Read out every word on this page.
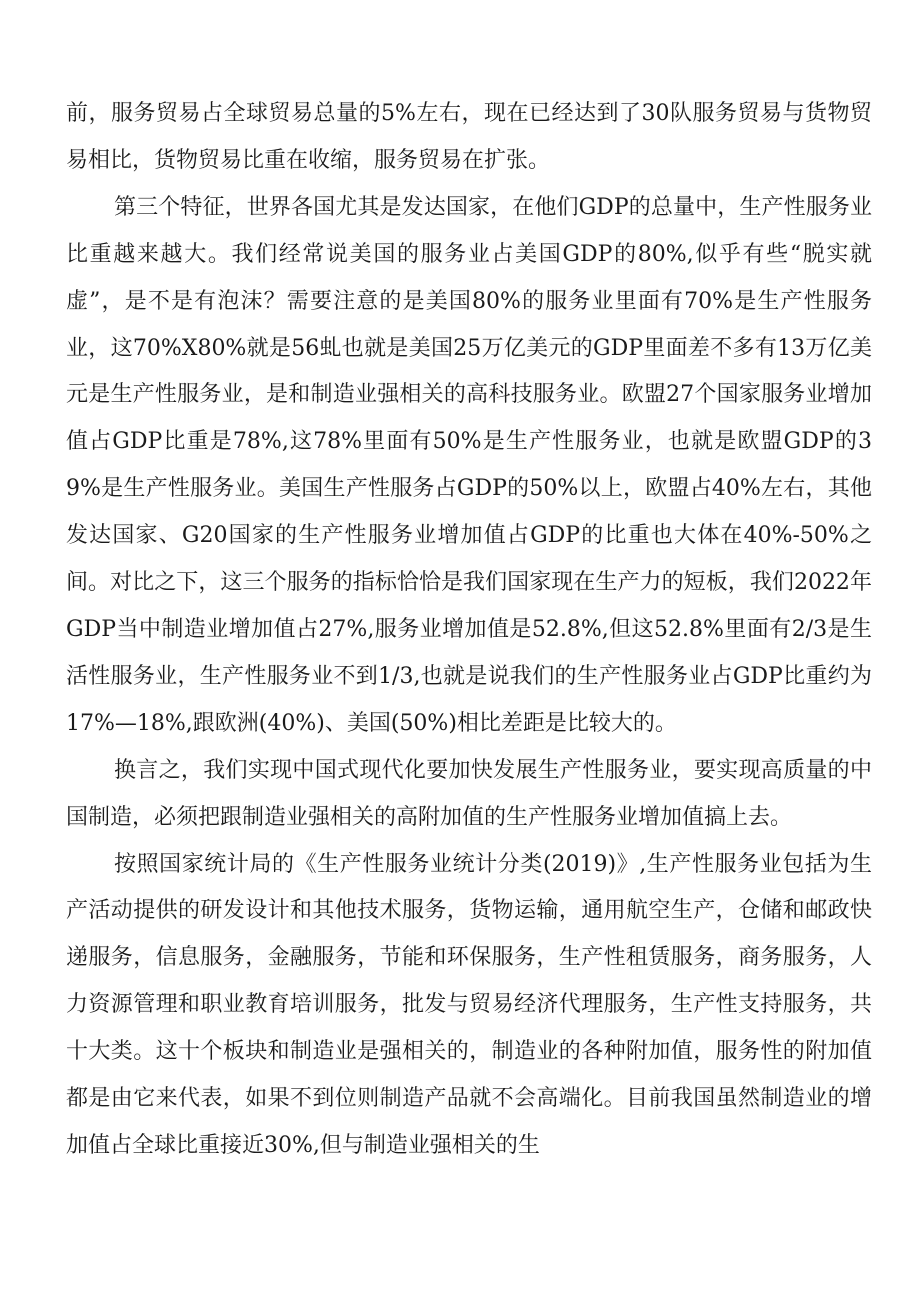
前，服务贸易占全球贸易总量的5%左右，现在已经达到了30队服务贸易与货物贸易相比，货物贸易比重在收缩，服务贸易在扩张。

第三个特征，世界各国尤其是发达国家，在他们GDP的总量中，生产性服务业比重越来越大。我们经常说美国的服务业占美国GDP的80%,似乎有些“脱实就虚”，是不是有泡沫？需要注意的是美国80%的服务业里面有70%是生产性服务业，这70%X80%就是56虬也就是美国25万亿美元的GDP里面差不多有13万亿美元是生产性服务业，是和制造业强相关的高科技服务业。欧盟27个国家服务业增加值占GDP比重是78%,这78%里面有50%是生产性服务业，也就是欧盟GDP的39%是生产性服务业。美国生产性服务占GDP的50%以上，欧盟占40%左右，其他发达国家、G20国家的生产性服务业增加值占GDP的比重也大体在40%-50%之间。对比之下，这三个服务的指标恰恰是我们国家现在生产力的短板，我们2022年GDP当中制造业增加值占27%,服务业增加值是52.8%,但这52.8%里面有2/3是生活性服务业，生产性服务业不到1/3,也就是说我们的生产性服务业占GDP比重约为17%—18%,跟欧洲(40%)、美国(50%)相比差距是比较大的。

换言之，我们实现中国式现代化要加快发展生产性服务业，要实现高质量的中国制造，必须把跟制造业强相关的高附加值的生产性服务业增加值搞上去。

按照国家统计局的《生产性服务业统计分类(2019)》,生产性服务业包括为生产活动提供的研发设计和其他技术服务，货物运输，通用航空生产，仓储和邮政快递服务，信息服务，金融服务，节能和环保服务，生产性租赁服务，商务服务，人力资源管理和职业教育培训服务，批发与贸易经济代理服务，生产性支持服务，共十大类。这十个板块和制造业是强相关的，制造业的各种附加值，服务性的附加值都是由它来代表，如果不到位则制造产品就不会高端化。目前我国虽然制造业的增加值占全球比重接近30%,但与制造业强相关的生
